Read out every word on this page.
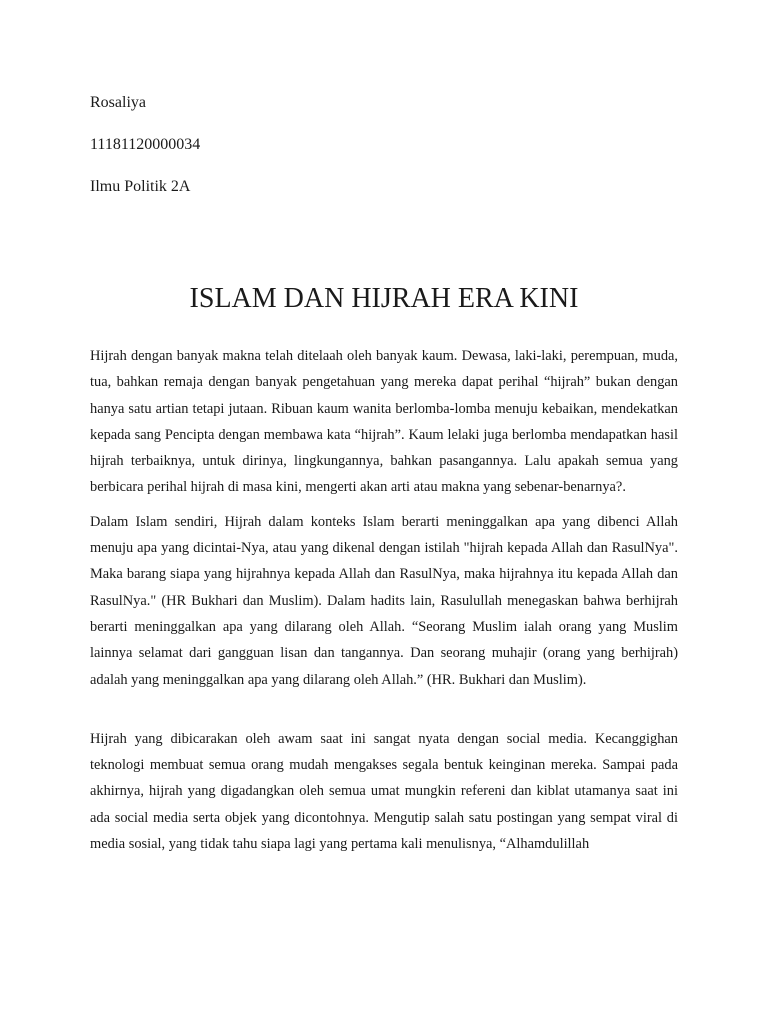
Rosaliya

11181120000034

Ilmu Politik 2A

ISLAM DAN HIJRAH ERA KINI

Hijrah dengan banyak makna telah ditelaah oleh banyak kaum. Dewasa, laki-laki, perempuan, muda, tua, bahkan remaja dengan banyak pengetahuan yang mereka dapat perihal “hijrah” bukan dengan hanya satu artian tetapi jutaan. Ribuan kaum wanita berlomba-lomba menuju kebaikan, mendekatkan kepada sang Pencipta dengan membawa kata “hijrah”. Kaum lelaki juga berlomba mendapatkan hasil hijrah terbaiknya, untuk dirinya, lingkungannya, bahkan pasangannya. Lalu apakah semua yang berbicara perihal hijrah di masa kini, mengerti akan arti atau makna yang sebenar-benarnya?.

Dalam Islam sendiri, Hijrah dalam konteks Islam berarti meninggalkan apa yang dibenci Allah menuju apa yang dicintai-Nya, atau yang dikenal dengan istilah "hijrah kepada Allah dan RasulNya". Maka barang siapa yang hijrahnya kepada Allah dan RasulNya, maka hijrahnya itu kepada Allah dan RasulNya." (HR Bukhari dan Muslim). Dalam hadits lain, Rasulullah menegaskan bahwa berhijrah berarti meninggalkan apa yang dilarang oleh Allah. “Seorang Muslim ialah orang yang Muslim lainnya selamat dari gangguan lisan dan tangannya. Dan seorang muhajir (orang yang berhijrah) adalah yang meninggalkan apa yang dilarang oleh Allah.” (HR. Bukhari dan Muslim).

Hijrah yang dibicarakan oleh awam saat ini sangat nyata dengan social media. Kecanggighan teknologi membuat semua orang mudah mengakses segala bentuk keinginan mereka. Sampai pada akhirnya, hijrah yang digadangkan oleh semua umat mungkin refereni dan kiblat utamanya saat ini ada social media serta objek yang dicontohnya. Mengutip salah satu postingan yang sempat viral di media sosial, yang tidak tahu siapa lagi yang pertama kali menulisnya, “Alhamdulillah
